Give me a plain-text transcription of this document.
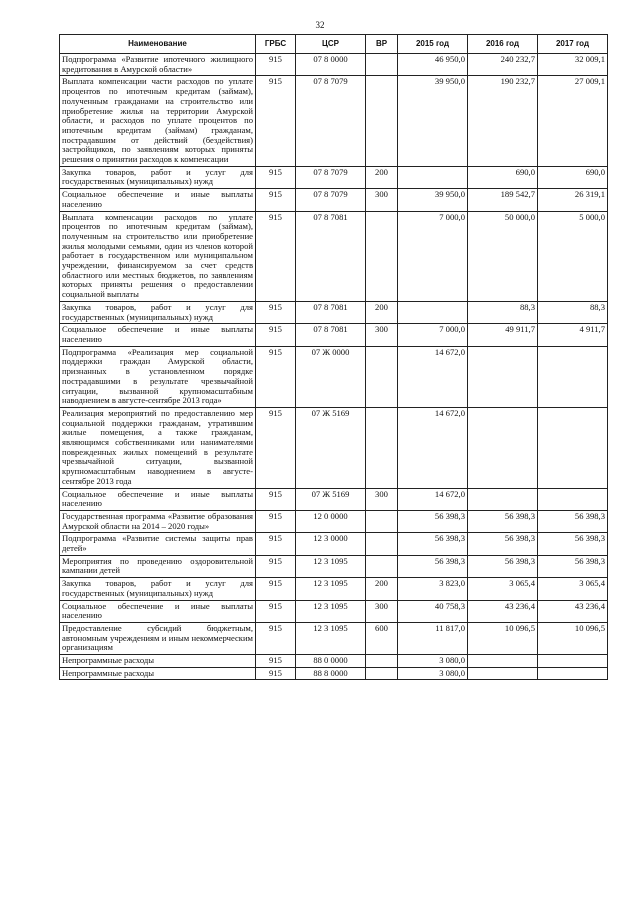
32
Наименование	ГРБС	ЦСР	ВР	2015 год	2016 год	2017 год
Подпрограмма «Развитие ипотечного жилищного кредитования в Амурской области»	915	07 8 0000		46 950,0	240 232,7	32 009,1
Выплата компенсации части расходов по уплате процентов по ипотечным кредитам (займам), полученным гражданами на строительство или приобретение жилья на территории Амурской области, и расходов по уплате процентов по ипотечным кредитам (займам) гражданам, пострадавшим от действий (бездействия) застройщиков, по заявлениям которых приняты решения о принятии расходов к компенсации	915	07 8 7079		39 950,0	190 232,7	27 009,1
Закупка товаров, работ и услуг для государственных (муниципальных) нужд	915	07 8 7079	200		690,0	690,0
Социальное обеспечение и иные выплаты населению	915	07 8 7079	300	39 950,0	189 542,7	26 319,1
Выплата компенсации расходов по уплате процентов по ипотечным кредитам (займам), полученным на строительство или приобретение жилья молодыми семьями, один из членов которой работает в государственном или муниципальном учреждении, финансируемом за счет средств областного или местных бюджетов, по заявлениям которых приняты решения о предоставлении социальной выплаты	915	07 8 7081		7 000,0	50 000,0	5 000,0
Закупка товаров, работ и услуг для государственных (муниципальных) нужд	915	07 8 7081	200		88,3	88,3
Социальное обеспечение и иные выплаты населению	915	07 8 7081	300	7 000,0	49 911,7	4 911,7
Подпрограмма «Реализация мер социальной поддержки граждан Амурской области, признанных в установленном порядке пострадавшими в результате чрезвычайной ситуации, вызванной крупномасштабным наводнением в августе-сентябре 2013 года»	915	07 Ж 0000		14 672,0		
Реализация мероприятий по предоставлению мер социальной поддержки гражданам, утратившим жилые помещения, а также гражданам, являющимся собственниками или нанимателями поврежденных жилых помещений в результате чрезвычайной ситуации, вызванной крупномасштабным наводнением в августе-сентябре 2013 года	915	07 Ж 5169		14 672,0		
Социальное обеспечение и иные выплаты населению	915	07 Ж 5169	300	14 672,0		
Государственная программа «Развитие образования Амурской области на 2014 – 2020 годы»	915	12 0 0000		56 398,3	56 398,3	56 398,3
Подпрограмма «Развитие системы защиты прав детей»	915	12 3 0000		56 398,3	56 398,3	56 398,3
Мероприятия по проведению оздоровительной кампании детей	915	12 3 1095		56 398,3	56 398,3	56 398,3
Закупка товаров, работ и услуг для государственных (муниципальных) нужд	915	12 3 1095	200	3 823,0	3 065,4	3 065,4
Социальное обеспечение и иные выплаты населению	915	12 3 1095	300	40 758,3	43 236,4	43 236,4
Предоставление субсидий бюджетным, автономным учреждениям и иным некоммерческим организациям	915	12 3 1095	600	11 817,0	10 096,5	10 096,5
Непрограммные расходы	915	88 0 0000		3 080,0		
Непрограммные расходы	915	88 8 0000		3 080,0		
